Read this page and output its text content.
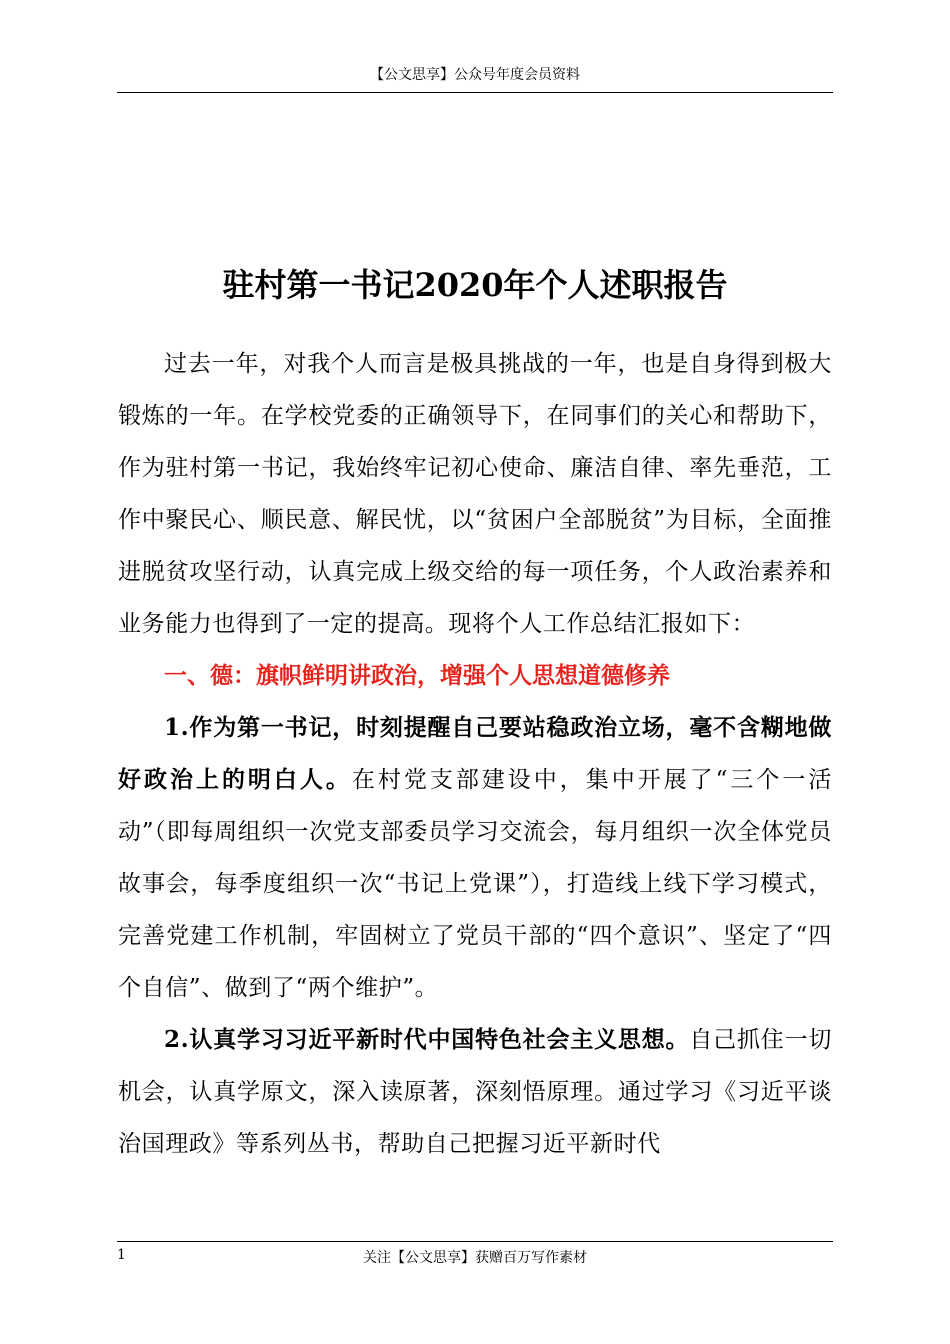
【公文思享】公众号年度会员资料
驻村第一书记2020年个人述职报告

过去一年，对我个人而言是极具挑战的一年，也是自身得到极大锻炼的一年。在学校党委的正确领导下，在同事们的关心和帮助下，作为驻村第一书记，我始终牢记初心使命、廉洁自律、率先垂范，工作中聚民心、顺民意、解民忧，以“贫困户全部脱贫”为目标，全面推进脱贫攻坚行动，认真完成上级交给的每一项任务，个人政治素养和业务能力也得到了一定的提高。现将个人工作总结汇报如下：

一、德：旗帜鲜明讲政治，增强个人思想道德修养

1.作为第一书记，时刻提醒自己要站稳政治立场，毫不含糊地做好政治上的明白人。在村党支部建设中，集中开展了“三个一活动”（即每周组织一次党支部委员学习交流会，每月组织一次全体党员故事会，每季度组织一次“书记上党课”），打造线上线下学习模式，完善党建工作机制，牢固树立了党员干部的“四个意识”、坚定了“四个自信”、做到了“两个维护”。

2.认真学习习近平新时代中国特色社会主义思想。自己抓住一切机会，认真学原文，深入读原著，深刻悟原理。通过学习《习近平谈治国理政》等系列丛书，帮助自己把握习近平新时代

1	关注【公文思享】获赠百万写作素材
